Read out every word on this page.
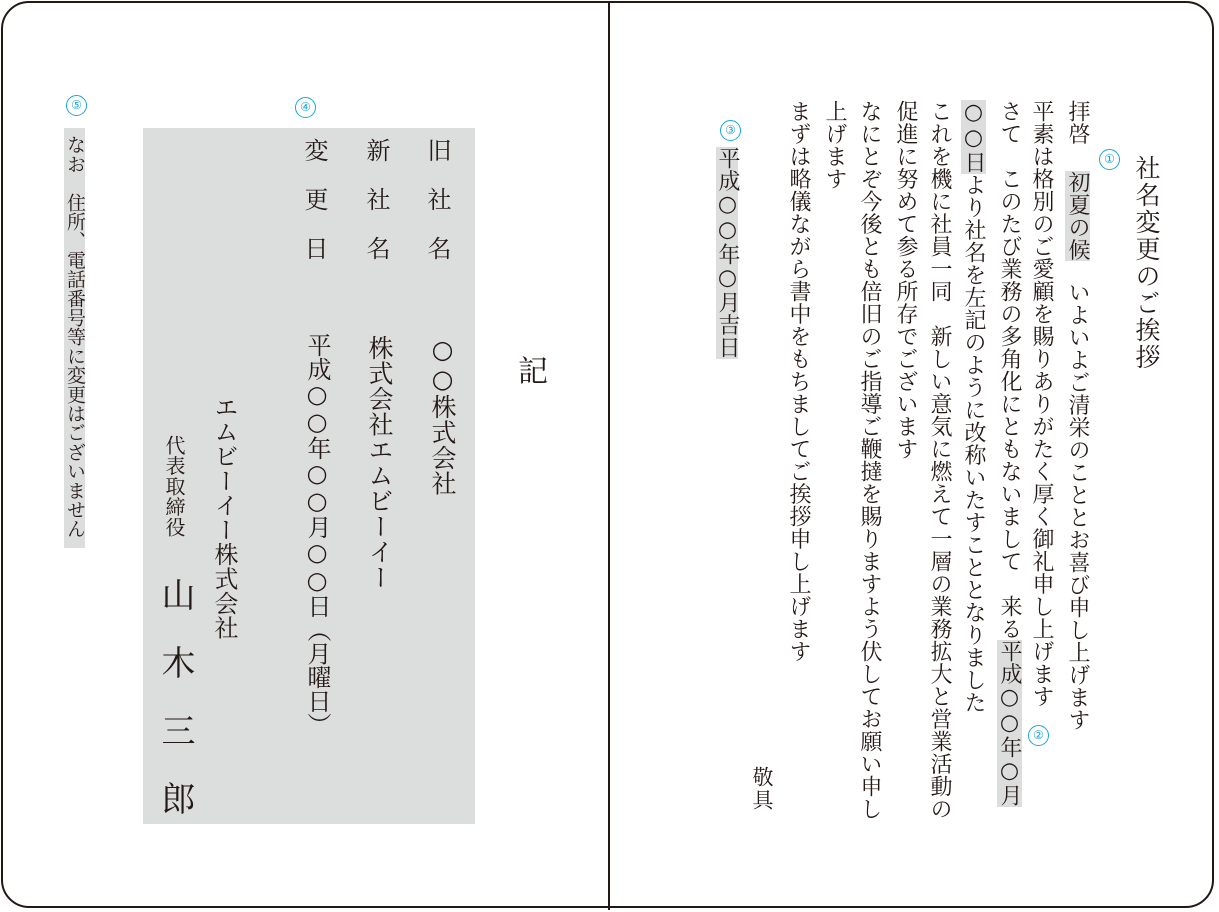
社名変更のご挨拶
拝啓初夏の候いよいよご清栄のこととお喜び申し上げます
平素は格別のご愛顧を賜りありがたく厚く御礼申し上げます
さて　このたび業務の多角化にともないまして　来る平成○○年○月
○○日より社名を左記のように改称いたすこととなりました
これを機に社員一同　新しい意気に燃えて一層の業務拡大と営業活動の
促進に努めて参る所存でございます
なにとぞ今後とも倍旧のご指導ご鞭撻を賜りますよう伏してお願い申し
上げます
まずは略儀ながら書中をもちましてご挨拶申し上げます
平成○○年○月吉日
敬具
①
②
③
記
旧　社　名
○○株式会社
新　社　名
株式会社エムビーイー
変　更　日
平成○○年○○月○○日（月曜日）
エムビーイー株式会社
代表取締役
山　木　三　郎
なお　住所、電話番号等に変更はございません
④
⑤
